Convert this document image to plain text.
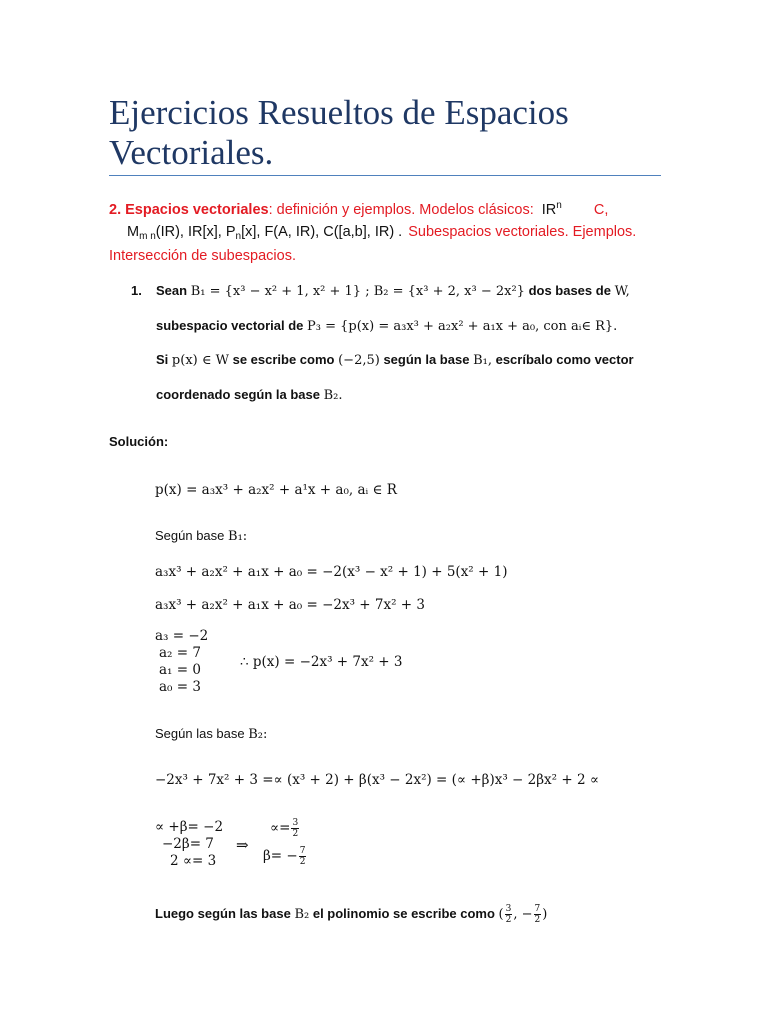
Ejercicios Resueltos de Espacios
Vectoriales.
2. Espacios vectoriales: definición y ejemplos. Modelos clásicos: $IR^n$ C,
$M_{m n}(IR)$, IR[x], $P_n[x]$, F(A, IR), C([a,b], IR) . Subespacios vectoriales. Ejemplos.
Intersección de subespacios.
1. Sean B₁ = {x³ − x² + 1, x² + 1} ; B₂ = {x³ + 2, x³ − 2x²} dos bases de W,
subespacio vectorial de P₃ = {p(x) = a₃x³ + a₂x² + a₁x + a₀, con aᵢ∈ R}.
Si p(x) ∈ W se escribe como (−2,5) según la base B₁, escríbalo como vector
coordenado según la base B₂.
Solución:
p(x) = a₃x³ + a₂x² + a¹x + a₀, aᵢ ∈ R
Según base B₁:
a₃x³ + a₂x² + a₁x + a₀ = −2(x³ − x² + 1) + 5(x² + 1)
a₃x³ + a₂x² + a₁x + a₀ = −2x³ + 7x² + 3
a₃ = −2
a₂ = 7
a₁ = 0
a₀ = 3
∴ p(x) = −2x³ + 7x² + 3
Según las base B₂:
−2x³ + 7x² + 3 =∝ (x³ + 2) + β(x³ − 2x²) = (∝ +β)x³ − 2βx² + 2 ∝
∝ +β= −2
−2β= 7
2 ∝= 3
⇒
∝= $\frac{3}{2}$
$\beta= - \frac{7}{2}$
Luego según las base B₂ el polinomio se escribe como ( $\frac{3}{2}$ , − $\frac{7}{2}$ )
